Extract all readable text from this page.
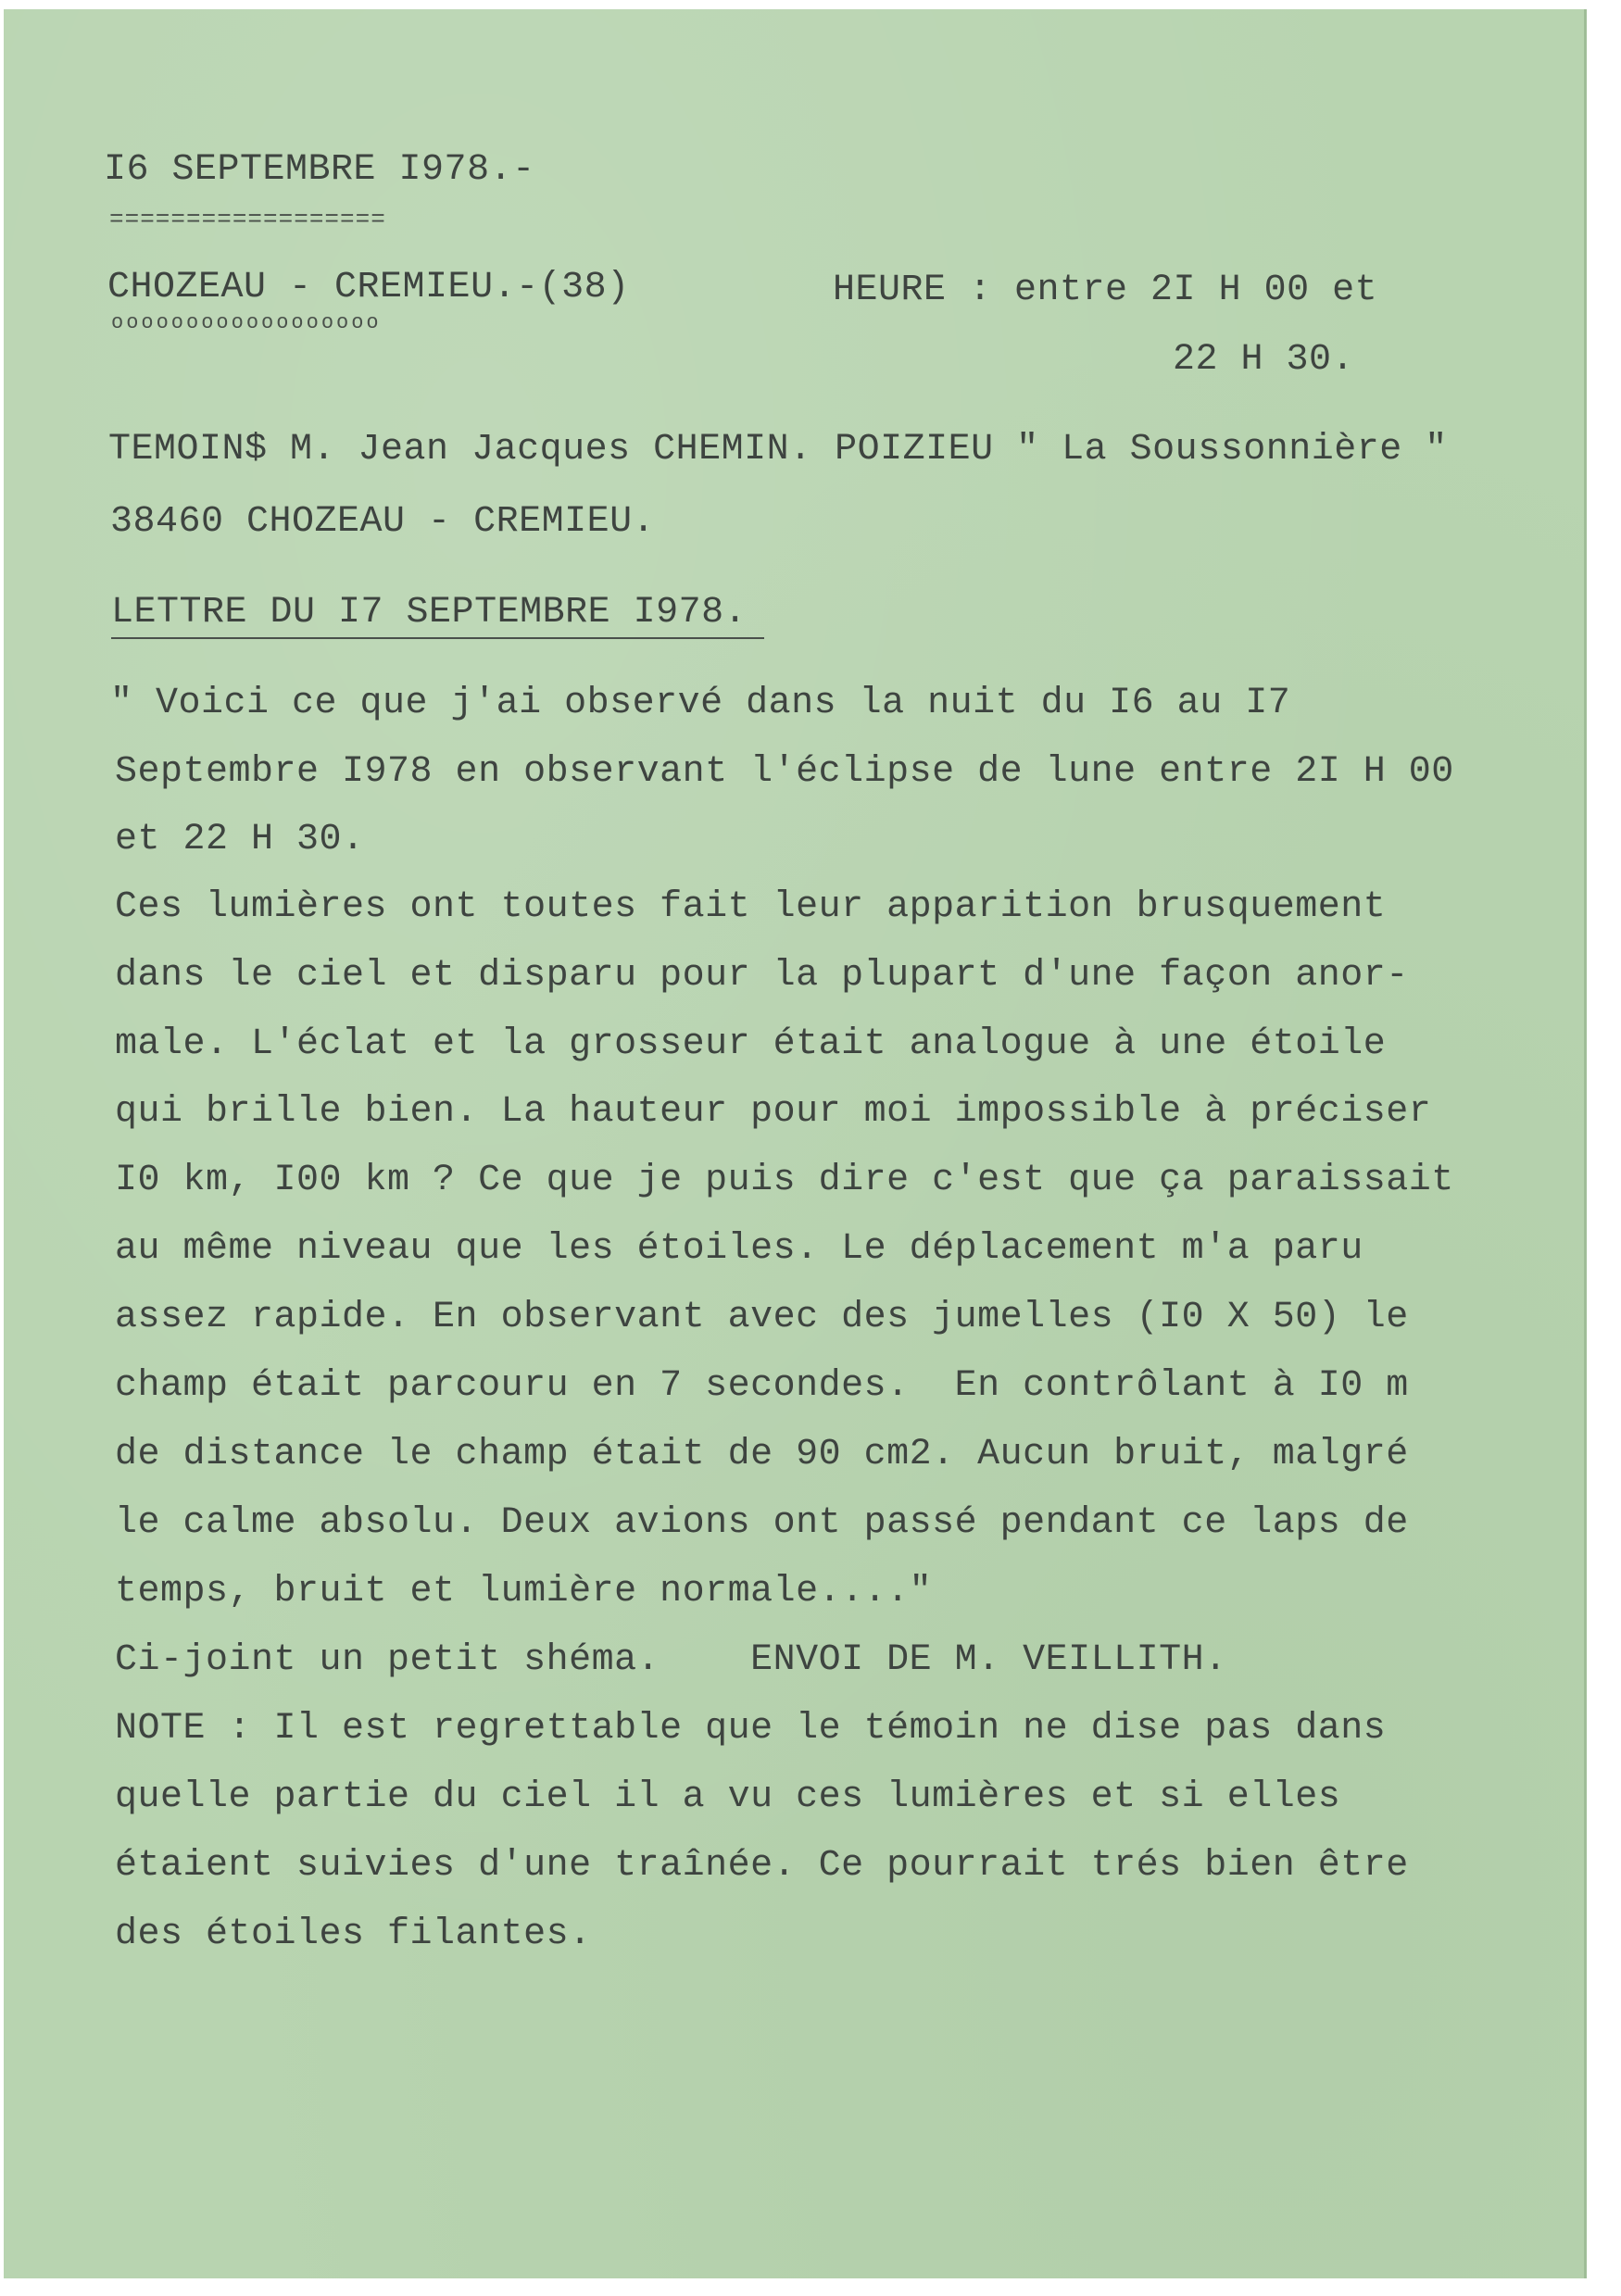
I6 SEPTEMBRE I978.-
==================
CHOZEAU - CREMIEU.-(38)
oooooooooooooooooo
HEURE : entre 2I H 00 et
22 H 30.
TEMOIN$ M. Jean Jacques CHEMIN. POIZIEU " La Soussonnière "
38460 CHOZEAU - CREMIEU.
LETTRE DU I7 SEPTEMBRE I978.
" Voici ce que j'ai observé dans la nuit du I6 au I7
Septembre I978 en observant l'éclipse de lune entre 2I H 00
et 22 H 30.
Ces lumières ont toutes fait leur apparition brusquement
dans le ciel et disparu pour la plupart d'une façon anor-
male. L'éclat et la grosseur était analogue à une étoile
qui brille bien. La hauteur pour moi impossible à préciser
I0 km, I00 km ? Ce que je puis dire c'est que ça paraissait
au même niveau que les étoiles. Le déplacement m'a paru
assez rapide. En observant avec des jumelles (I0 X 50) le
champ était parcouru en 7 secondes.  En contrôlant à I0 m
de distance le champ était de 90 cm2. Aucun bruit, malgré
le calme absolu. Deux avions ont passé pendant ce laps de
temps, bruit et lumière normale...."
Ci-joint un petit shéma.    ENVOI DE M. VEILLITH.
NOTE : Il est regrettable que le témoin ne dise pas dans
quelle partie du ciel il a vu ces lumières et si elles
étaient suivies d'une traînée. Ce pourrait trés bien être
des étoiles filantes.
